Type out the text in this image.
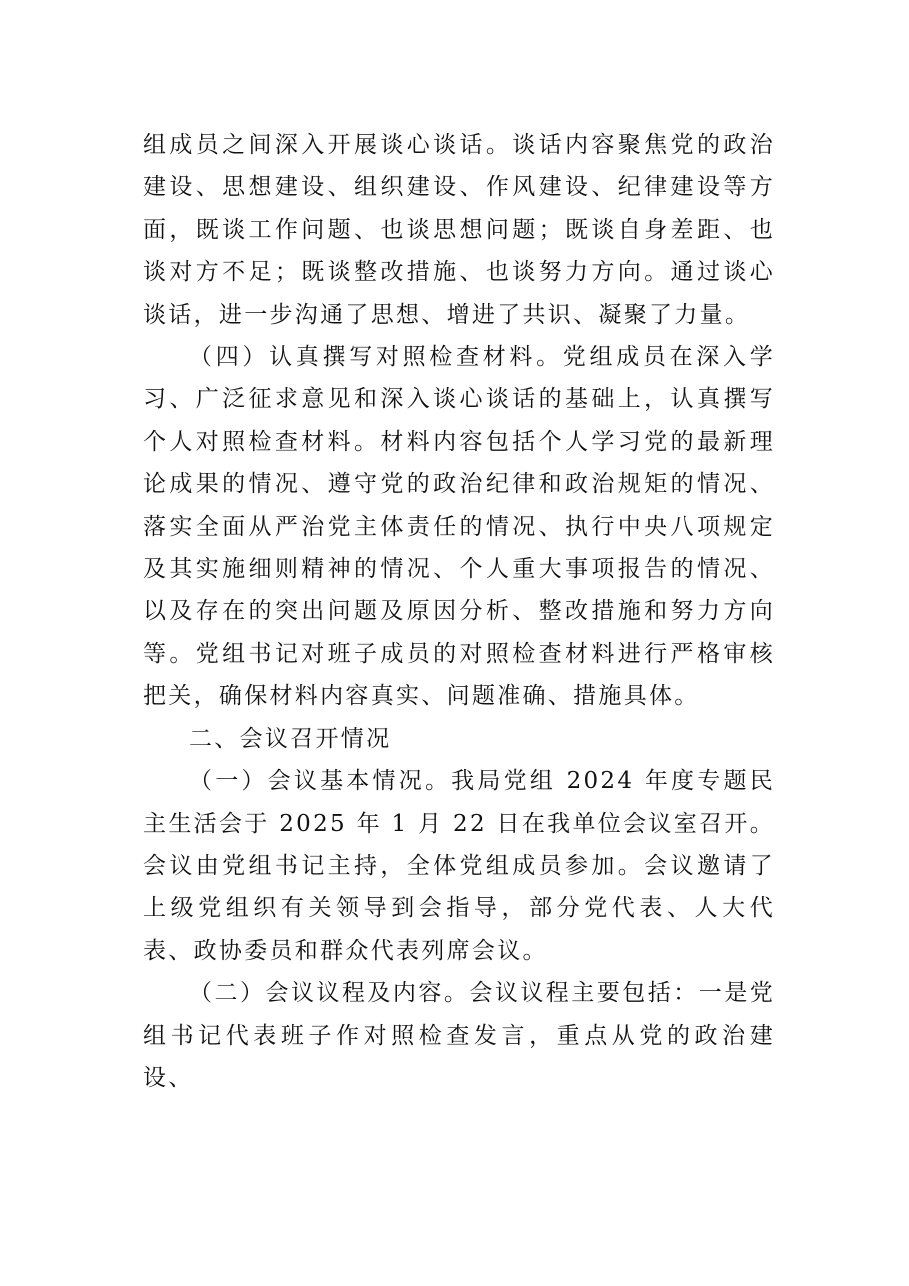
组成员之间深入开展谈心谈话。谈话内容聚焦党的政治建设、思想建设、组织建设、作风建设、纪律建设等方面，既谈工作问题、也谈思想问题；既谈自身差距、也谈对方不足；既谈整改措施、也谈努力方向。通过谈心谈话，进一步沟通了思想、增进了共识、凝聚了力量。

（四）认真撰写对照检查材料。党组成员在深入学习、广泛征求意见和深入谈心谈话的基础上，认真撰写个人对照检查材料。材料内容包括个人学习党的最新理论成果的情况、遵守党的政治纪律和政治规矩的情况、落实全面从严治党主体责任的情况、执行中央八项规定及其实施细则精神的情况、个人重大事项报告的情况、以及存在的突出问题及原因分析、整改措施和努力方向等。党组书记对班子成员的对照检查材料进行严格审核把关，确保材料内容真实、问题准确、措施具体。

二、会议召开情况

（一）会议基本情况。我局党组 2024 年度专题民主生活会于 2025 年 1 月 22 日在我单位会议室召开。会议由党组书记主持，全体党组成员参加。会议邀请了上级党组织有关领导到会指导，部分党代表、人大代表、政协委员和群众代表列席会议。

（二）会议议程及内容。会议议程主要包括：一是党组书记代表班子作对照检查发言，重点从党的政治建设、
